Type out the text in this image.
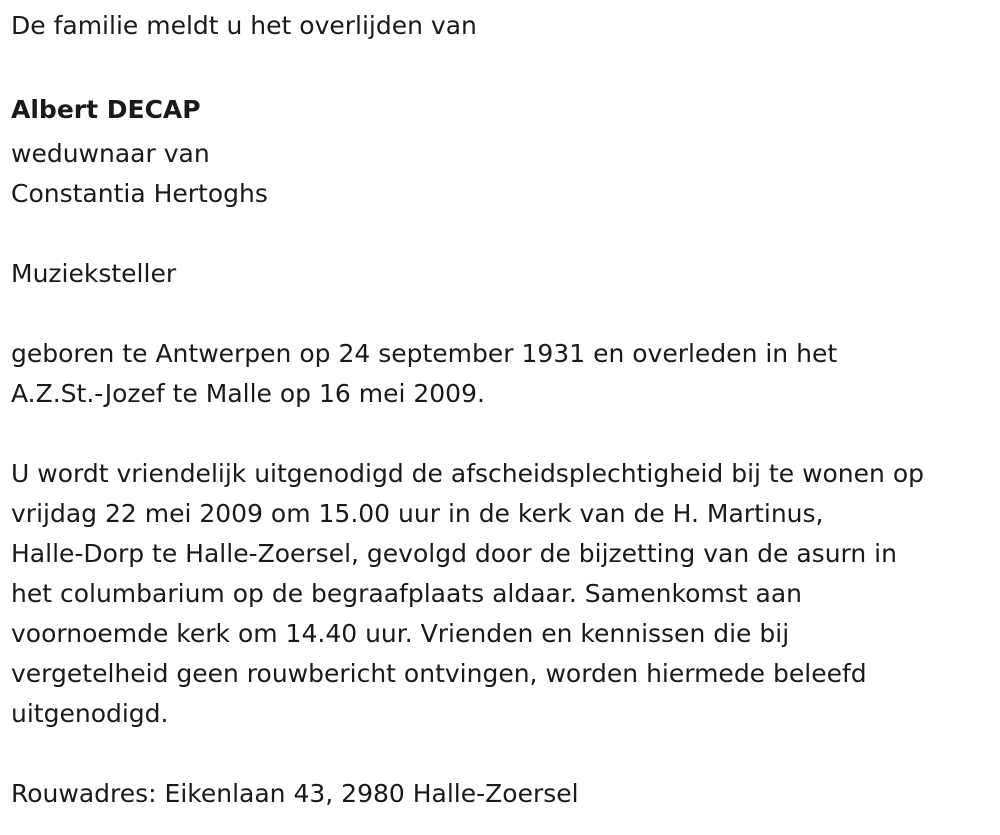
De familie meldt u het overlijden van
Albert DECAP
weduwnaar van
Constantia Hertoghs
Muzieksteller
geboren te Antwerpen op 24 september 1931 en overleden in het
A.Z.St.-Jozef te Malle op 16 mei 2009.
U wordt vriendelijk uitgenodigd de afscheidsplechtigheid bij te wonen op
vrijdag 22 mei 2009 om 15.00 uur in de kerk van de H. Martinus,
Halle-Dorp te Halle-Zoersel, gevolgd door de bijzetting van de asurn in
het columbarium op de begraafplaats aldaar. Samenkomst aan
voornoemde kerk om 14.40 uur. Vrienden en kennissen die bij
vergetelheid geen rouwbericht ontvingen, worden hiermede beleefd
uitgenodigd.
Rouwadres: Eikenlaan 43, 2980 Halle-Zoersel
